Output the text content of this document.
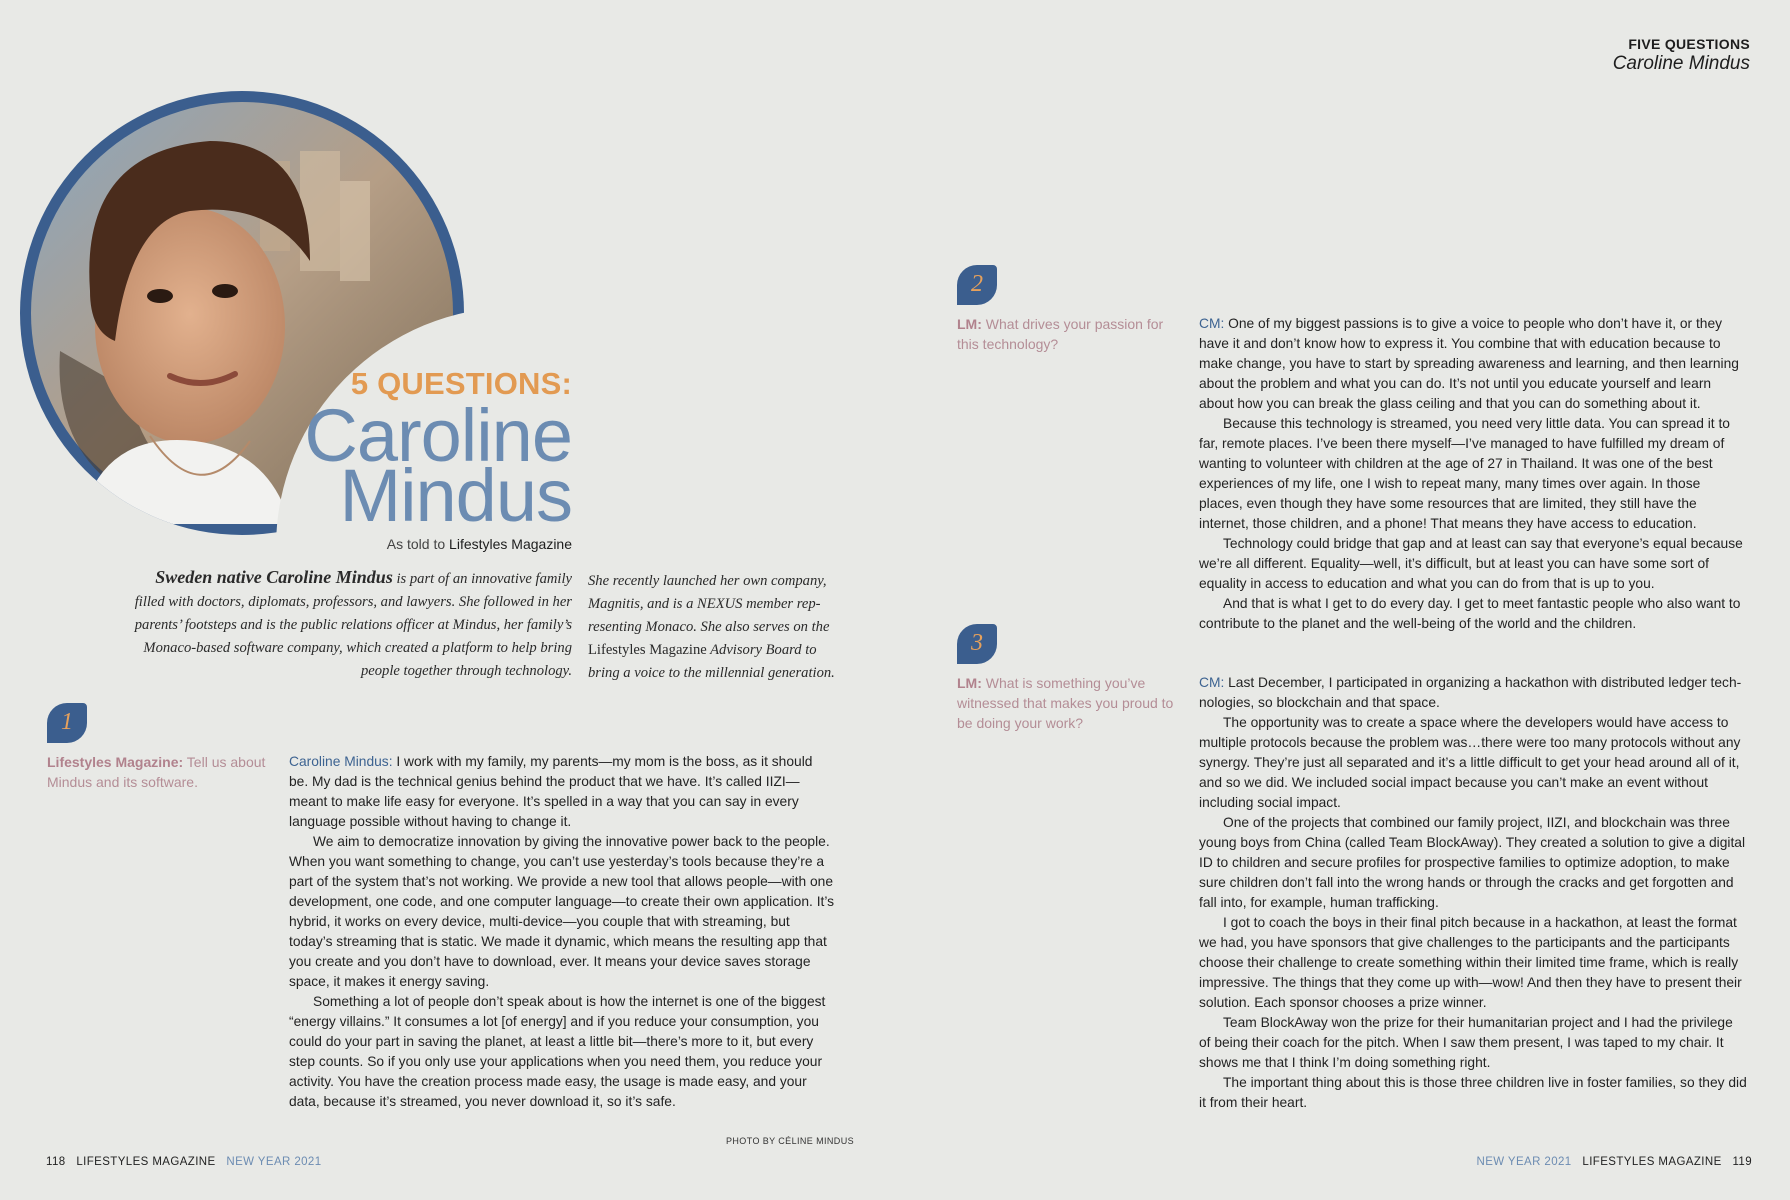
FIVE QUESTIONS
Caroline Mindus
5 QUESTIONS:
Caroline
Mindus
As told to Lifestyles Magazine
Sweden native Caroline Mindus is part of an innovative family filled with doctors, diplomats, professors, and lawyers. She followed in her parents’ footsteps and is the public relations officer at Mindus, her family’s Monaco-based software company, which created a platform to help bring people together through technology.
She recently launched her own company, Magnitis, and is a NEXUS member representing Monaco. She also serves on the Lifestyles Magazine Advisory Board to bring a voice to the millennial generation.
1
Lifestyles Magazine: Tell us about Mindus and its software.

Caroline Mindus: I work with my family, my parents—my mom is the boss, as it should be. My dad is the technical genius behind the product that we have. It’s called IIZI—meant to make life easy for everyone. It’s spelled in a way that you can say in every language possible without having to change it.

We aim to democratize innovation by giving the innovative power back to the people. When you want something to change, you can’t use yesterday’s tools because they’re a part of the system that’s not working. We provide a new tool that allows people—with one development, one code, and one computer language—to create their own application. It’s hybrid, it works on every device, multi-device—you couple that with streaming, but today’s streaming that is static. We made it dynamic, which means the resulting app that you create and you don’t have to download, ever. It means your device saves storage space, it makes it energy saving.

Something a lot of people don’t speak about is how the internet is one of the biggest “energy villains.” It consumes a lot [of energy] and if you reduce your consumption, you could do your part in saving the planet, at least a little bit—there’s more to it, but every step counts. So if you only use your applications when you need them, you reduce your activity. You have the creation process made easy, the usage is made easy, and your data, because it’s streamed, you never download it, so it’s safe.

2
LM: What drives your passion for this technology?

CM: One of my biggest passions is to give a voice to people who don’t have it, or they have it and don’t know how to express it. You combine that with education because to make change, you have to start by spreading awareness and learning, and then learning about the problem and what you can do. It’s not until you educate yourself and learn about how you can break the glass ceiling and that you can do something about it.

Because this technology is streamed, you need very little data. You can spread it to far, remote places. I’ve been there myself—I’ve managed to have fulfilled my dream of wanting to volunteer with children at the age of 27 in Thailand. It was one of the best experiences of my life, one I wish to repeat many, many times over again. In those places, even though they have some resources that are limited, they still have the internet, those children, and a phone! That means they have access to education.

Technology could bridge that gap and at least can say that everyone’s equal because we’re all different. Equality—well, it’s difficult, but at least you can have some sort of equality in access to education and what you can do from that is up to you.

And that is what I get to do every day. I get to meet fantastic people who also want to contribute to the planet and the well-being of the world and the children.

3
LM: What is something you’ve witnessed that makes you proud to be doing your work?

CM: Last December, I participated in organizing a hackathon with distributed ledger technologies, so blockchain and that space.

The opportunity was to create a space where the developers would have access to multiple protocols because the problem was…there were too many protocols without any synergy. They’re just all separated and it’s a little difficult to get your head around all of it, and so we did. We included social impact because you can’t make an event without including social impact.

One of the projects that combined our family project, IIZI, and blockchain was three young boys from China (called Team BlockAway). They created a solution to give a digital ID to children and secure profiles for prospective families to optimize adoption, to make sure children don’t fall into the wrong hands or through the cracks and get forgotten and fall into, for example, human trafficking.

I got to coach the boys in their final pitch because in a hackathon, at least the format we had, you have sponsors that give challenges to the participants and the participants choose their challenge to create something within their limited time frame, which is really impressive. The things that they come up with—wow! And then they have to present their solution. Each sponsor chooses a prize winner.

Team BlockAway won the prize for their humanitarian project and I had the privilege of being their coach for the pitch. When I saw them present, I was taped to my chair. It shows me that I think I’m doing something right.

The important thing about this is those three children live in foster families, so they did it from their heart.

PHOTO BY CÉLINE MINDUS
118 LIFESTYLES MAGAZINE NEW YEAR 2021	NEW YEAR 2021 LIFESTYLES MAGAZINE 119
